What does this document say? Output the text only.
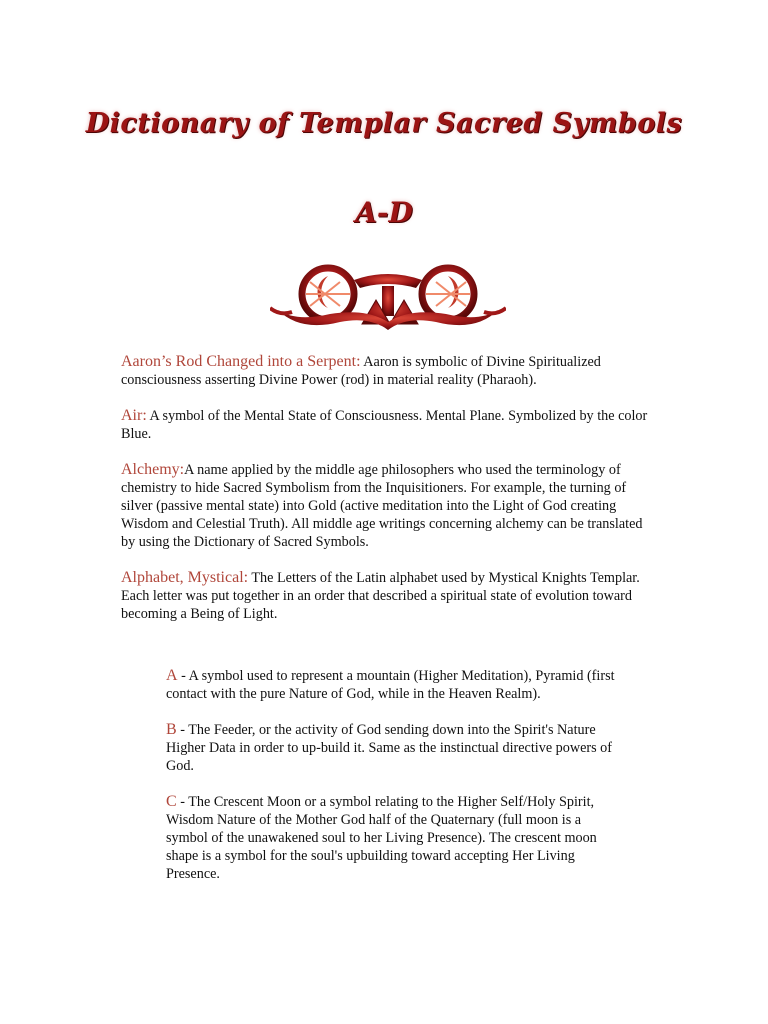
Dictionary of Templar Sacred Symbols
A-D

Aaron’s Rod Changed into a Serpent: Aaron is symbolic of Divine Spiritualized consciousness asserting Divine Power (rod) in material reality (Pharaoh).

Air: A symbol of the Mental State of Consciousness. Mental Plane. Symbolized by the color Blue.

Alchemy:A name applied by the middle age philosophers who used the terminology of chemistry to hide Sacred Symbolism from the Inquisitioners. For example, the turning of silver (passive mental state) into Gold (active meditation into the Light of God creating Wisdom and Celestial Truth). All middle age writings concerning alchemy can be translated by using the Dictionary of Sacred Symbols.

Alphabet, Mystical: The Letters of the Latin alphabet used by Mystical Knights Templar. Each letter was put together in an order that described a spiritual state of evolution toward becoming a Being of Light.

A - A symbol used to represent a mountain (Higher Meditation), Pyramid (first contact with the pure Nature of God, while in the Heaven Realm).

B - The Feeder, or the activity of God sending down into the Spirit's Nature Higher Data in order to up-build it. Same as the instinctual directive powers of God.

C - The Crescent Moon or a symbol relating to the Higher Self/Holy Spirit, Wisdom Nature of the Mother God half of the Quaternary (full moon is a symbol of the unawakened soul to her Living Presence). The crescent moon shape is a symbol for the soul's upbuilding toward accepting Her Living Presence.
